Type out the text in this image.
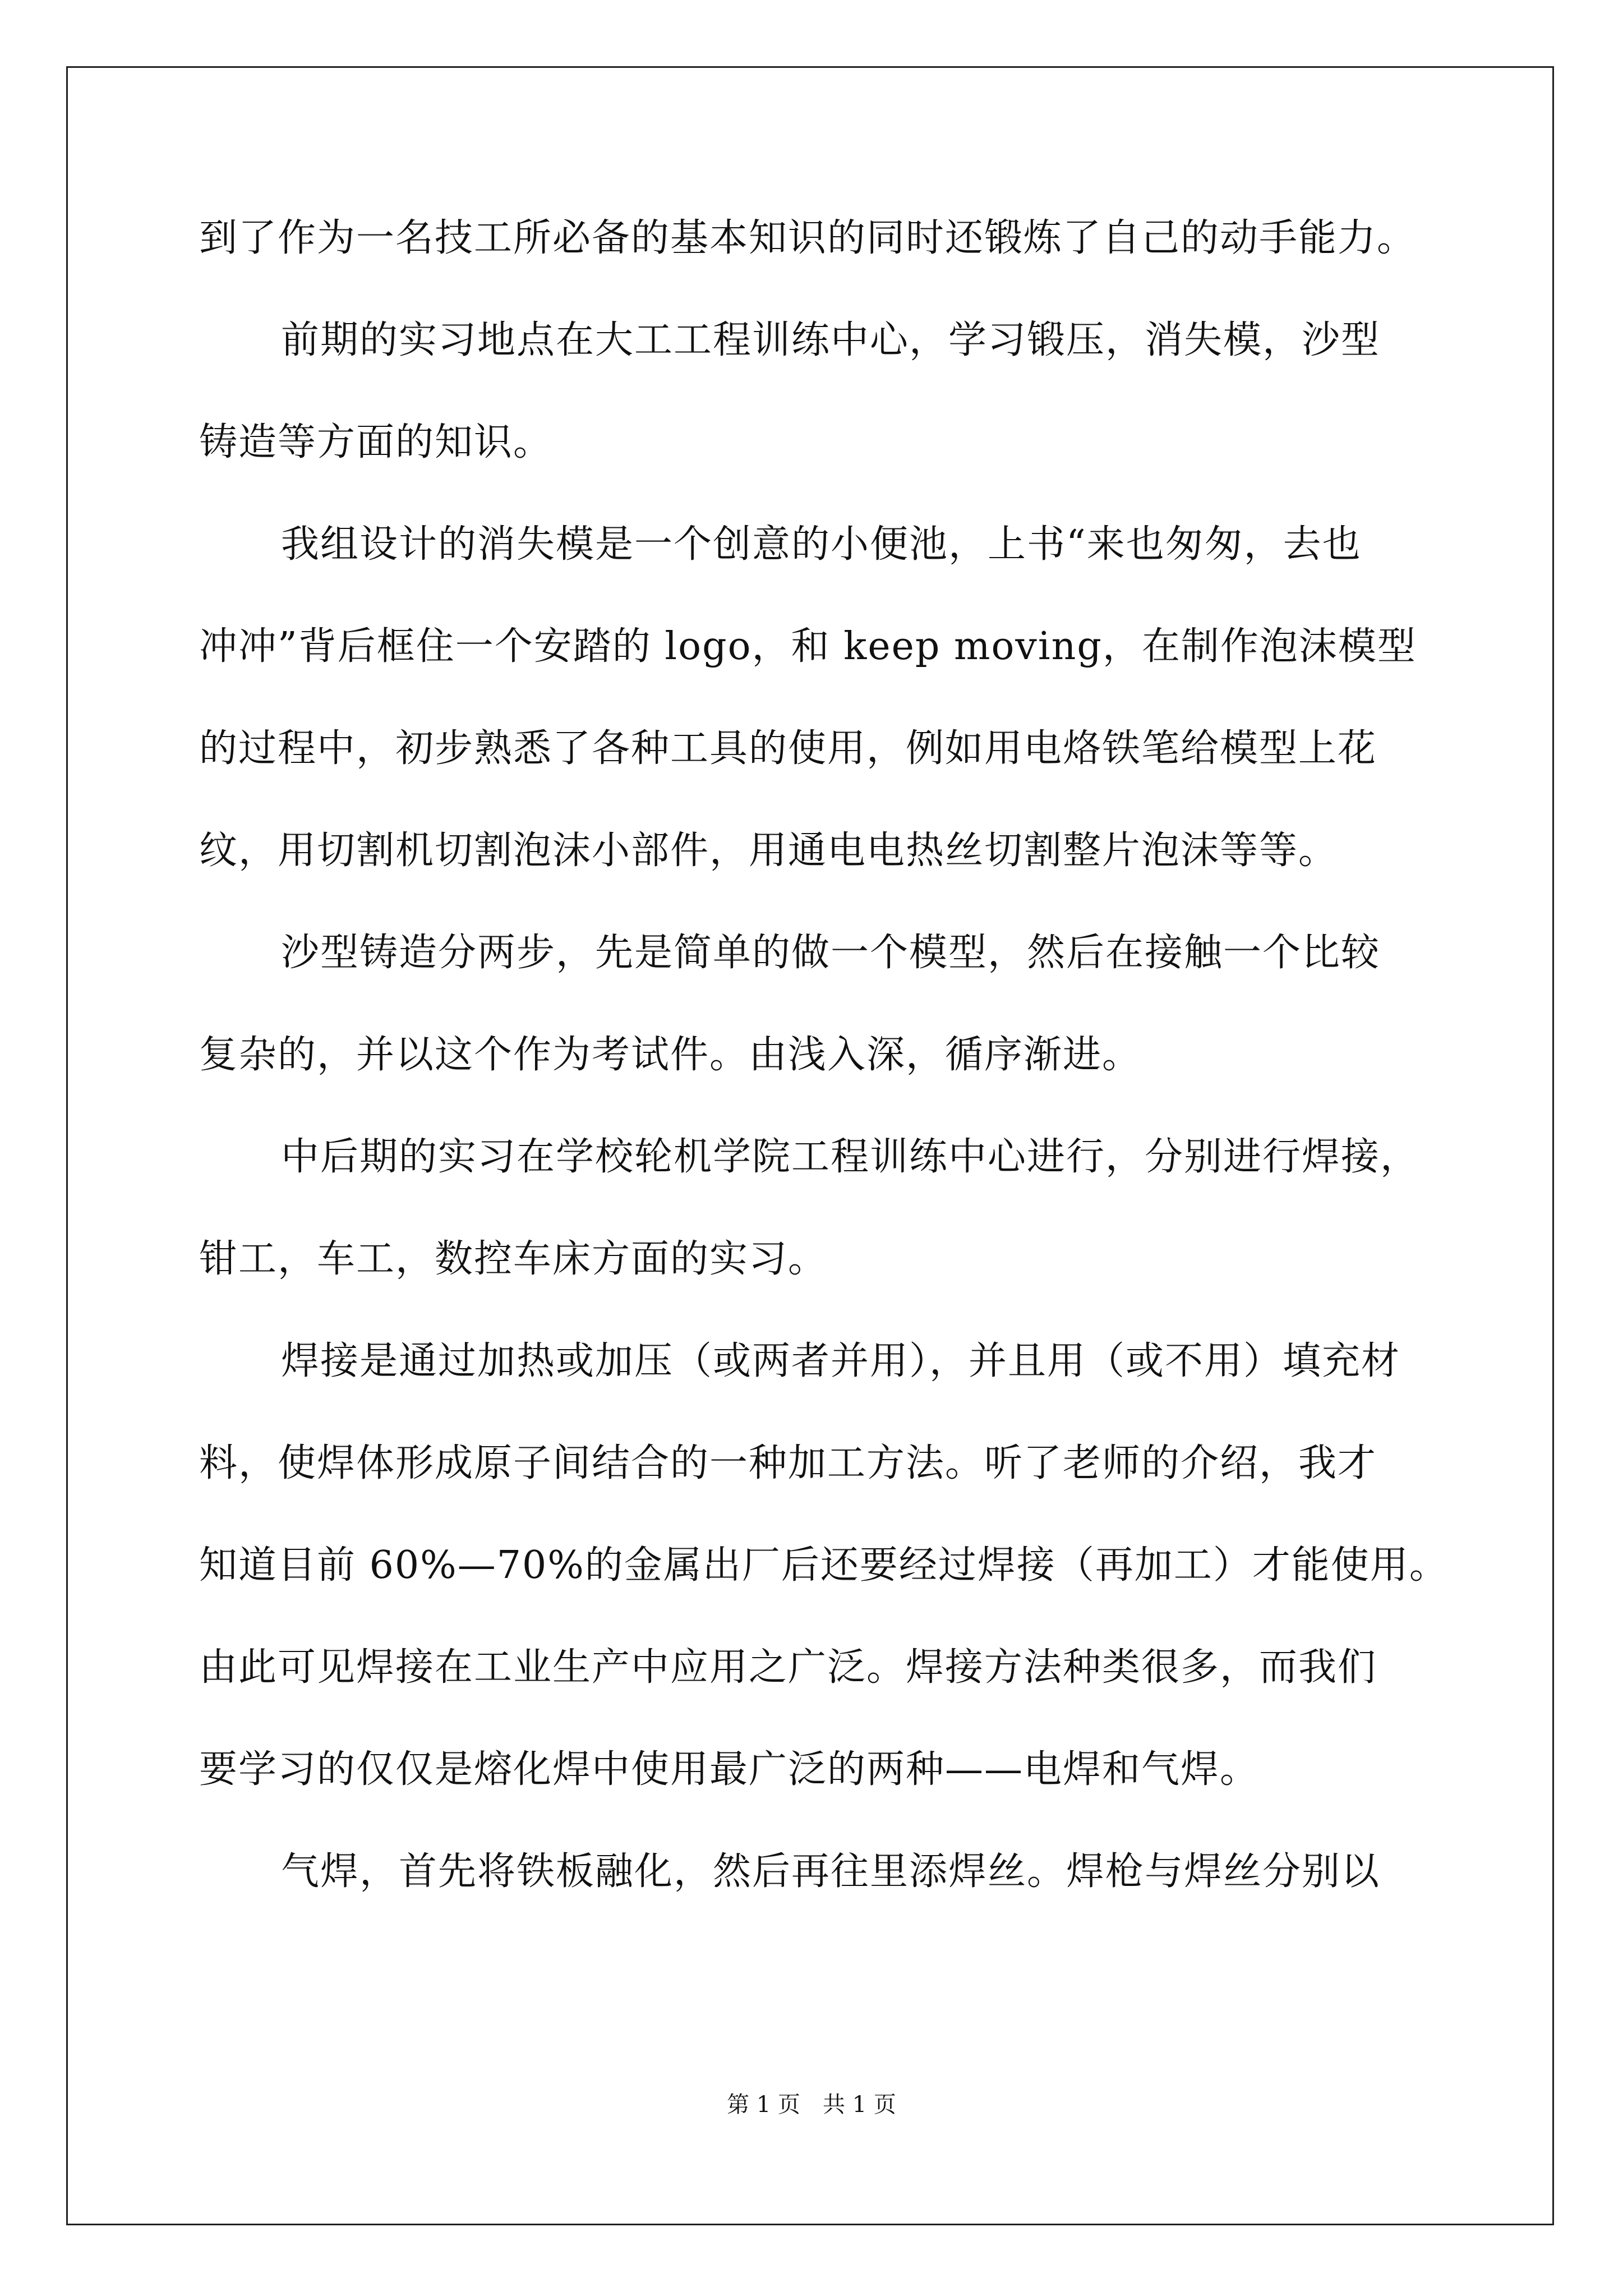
到了作为一名技工所必备的基本知识的同时还锻炼了自己的动手能力。
前期的实习地点在大工工程训练中心，学习锻压，消失模，沙型
铸造等方面的知识。
我组设计的消失模是一个创意的小便池，上书“来也匆匆，去也
冲冲”背后框住一个安踏的 logo，和 keep moving，在制作泡沫模型
的过程中，初步熟悉了各种工具的使用，例如用电烙铁笔给模型上花
纹，用切割机切割泡沫小部件，用通电电热丝切割整片泡沫等等。
沙型铸造分两步，先是简单的做一个模型，然后在接触一个比较
复杂的，并以这个作为考试件。由浅入深，循序渐进。
中后期的实习在学校轮机学院工程训练中心进行，分别进行焊接，
钳工，车工，数控车床方面的实习。
焊接是通过加热或加压（或两者并用），并且用（或不用）填充材
料，使焊体形成原子间结合的一种加工方法。听了老师的介绍，我才
知道目前 60%—70%的金属出厂后还要经过焊接（再加工）才能使用。
由此可见焊接在工业生产中应用之广泛。焊接方法种类很多，而我们
要学习的仅仅是熔化焊中使用最广泛的两种——电焊和气焊。
气焊，首先将铁板融化，然后再往里添焊丝。焊枪与焊丝分别以
第 1 页　共 1 页
